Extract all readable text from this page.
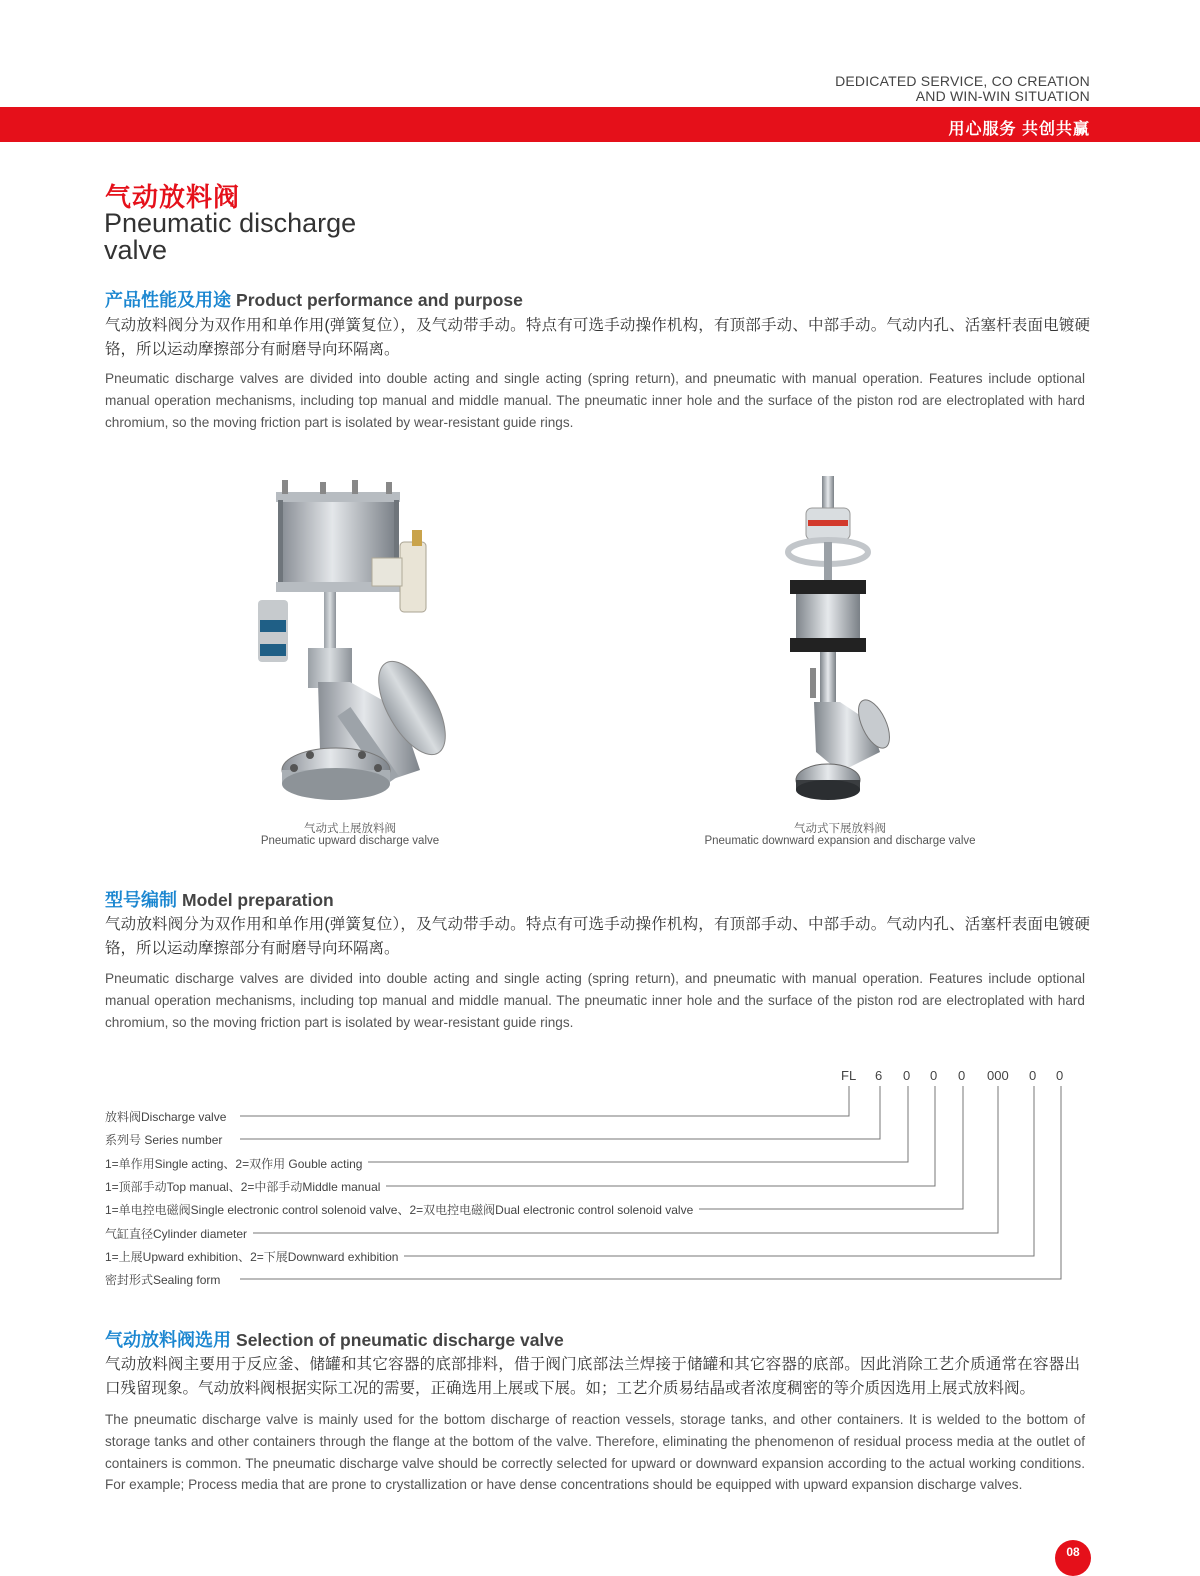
DEDICATED SERVICE, CO CREATION
AND WIN-WIN SITUATION
用心服务 共创共赢
气动放料阀
Pneumatic discharge valve
产品性能及用途 Product performance and purpose
气动放料阀分为双作用和单作用(弹簧复位），及气动带手动。特点有可选手动操作机构，有顶部手动、中部手动。气动内孔、活塞杆表面电镀硬铬，所以运动摩擦部分有耐磨导向环隔离。
Pneumatic discharge valves are divided into double acting and single acting (spring return), and pneumatic with manual operation. Features include optional manual operation mechanisms, including top manual and middle manual. The pneumatic inner hole and the surface of the piston rod are electroplated with hard chromium, so the moving friction part is isolated by wear-resistant guide rings.
气动式上展放料阀
Pneumatic upward discharge valve
气动式下展放料阀
Pneumatic downward expansion and discharge valve
型号编制 Model preparation
气动放料阀分为双作用和单作用(弹簧复位），及气动带手动。特点有可选手动操作机构，有顶部手动、中部手动。气动内孔、活塞杆表面电镀硬铬，所以运动摩擦部分有耐磨导向环隔离。
Pneumatic discharge valves are divided into double acting and single acting (spring return), and pneumatic with manual operation. Features include optional manual operation mechanisms, including top manual and middle manual. The pneumatic inner hole and the surface of the piston rod are electroplated with hard chromium, so the moving friction part is isolated by wear-resistant guide rings.
FL 6 0 0 0 000 0 0
放料阀Discharge valve
系列号 Series number
1=单作用Single acting、2=双作用 Gouble acting
1=顶部手动Top manual、2=中部手动Middle manual
1=单电控电磁阀Single electronic control solenoid valve、2=双电控电磁阀Dual electronic control solenoid valve
气缸直径Cylinder diameter
1=上展Upward exhibition、2=下展Downward exhibition
密封形式Sealing form
气动放料阀选用 Selection of pneumatic discharge valve
气动放料阀主要用于反应釜、储罐和其它容器的底部排料，借于阀门底部法兰焊接于储罐和其它容器的底部。因此消除工艺介质通常在容器出口残留现象。气动放料阀根据实际工况的需要，正确选用上展或下展。如；工艺介质易结晶或者浓度稠密的等介质因选用上展式放料阀。
The pneumatic discharge valve is mainly used for the bottom discharge of reaction vessels, storage tanks, and other containers. It is welded to the bottom of storage tanks and other containers through the flange at the bottom of the valve. Therefore, eliminating the phenomenon of residual process media at the outlet of containers is common. The pneumatic discharge valve should be correctly selected for upward or downward expansion according to the actual working conditions. For example; Process media that are prone to crystallization or have dense concentrations should be equipped with upward expansion discharge valves.
08
